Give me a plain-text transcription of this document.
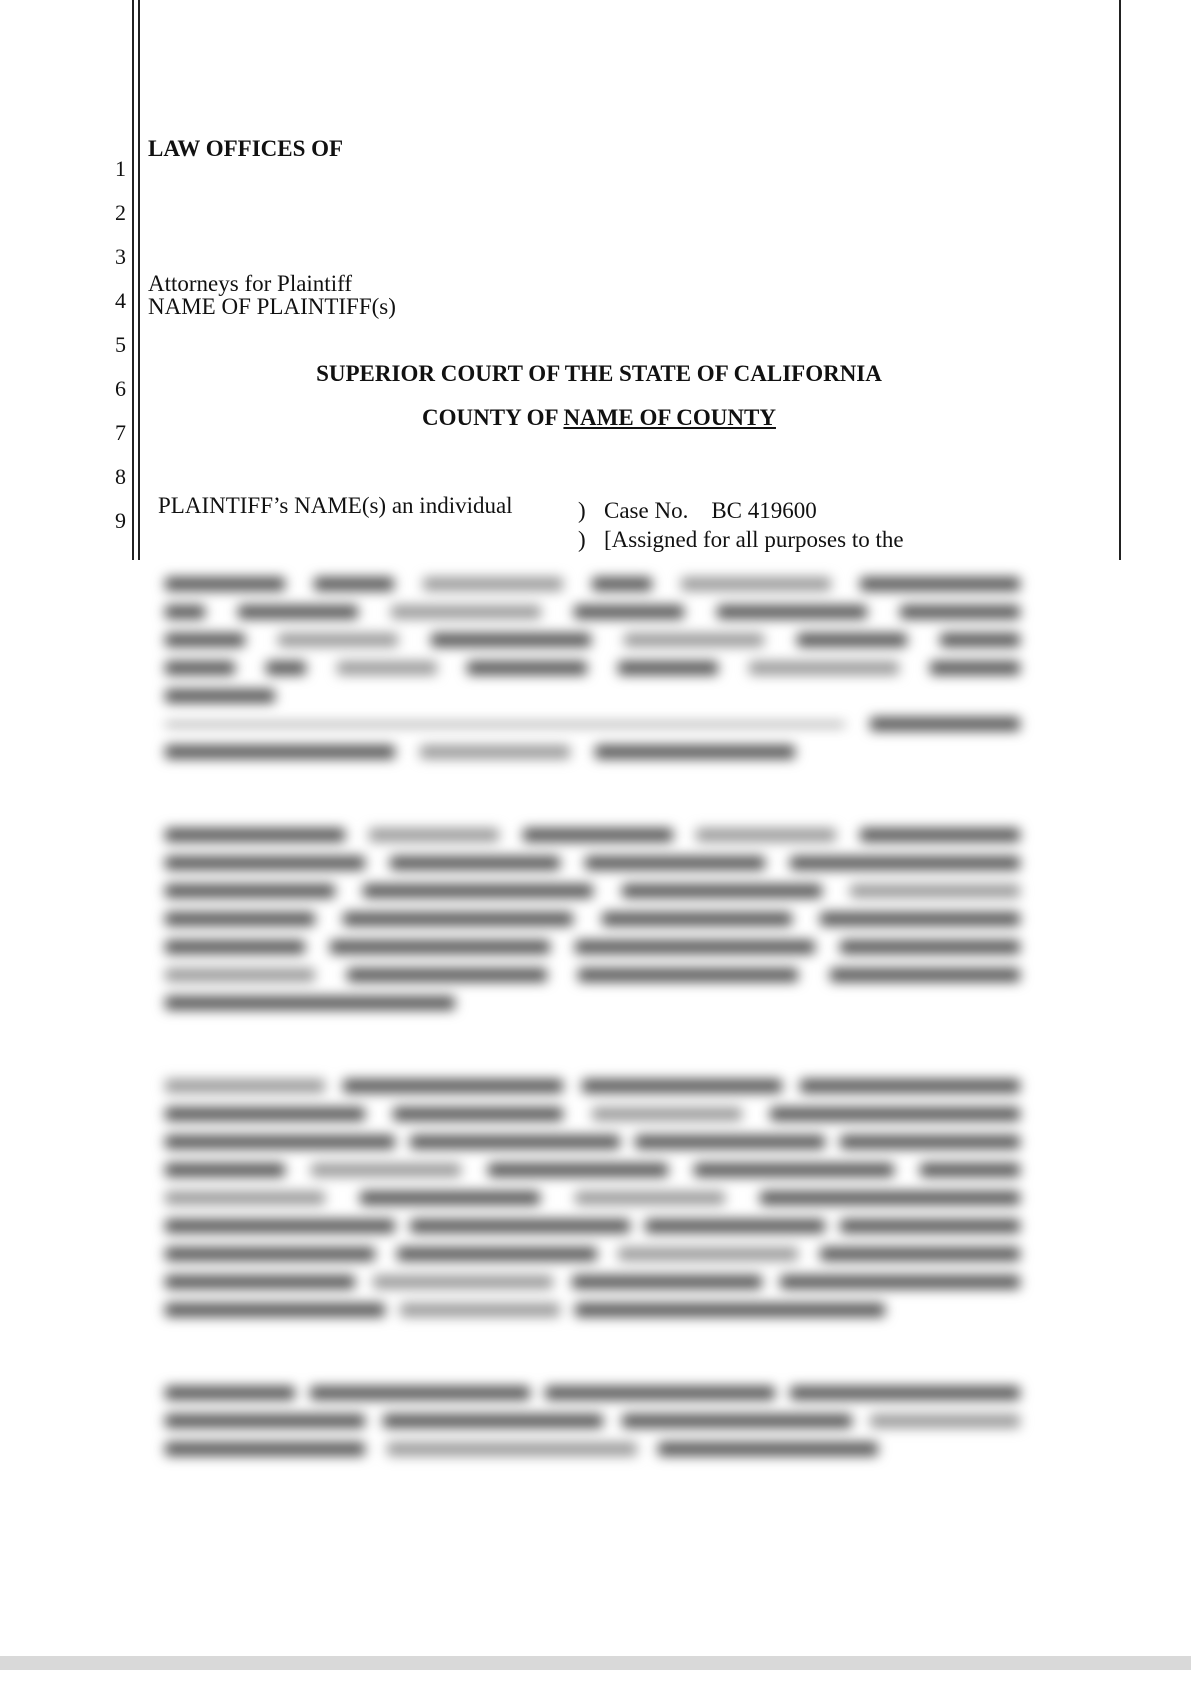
1
2
3
4
5
6
7
8
9
LAW OFFICES OF
Attorneys for Plaintiff
NAME OF PLAINTIFF(s)
SUPERIOR COURT OF THE STATE OF CALIFORNIA
COUNTY OF NAME OF COUNTY
PLAINTIFF’s NAME(s) an individual	) Case No. BC 419600
) [Assigned for all purposes to the
